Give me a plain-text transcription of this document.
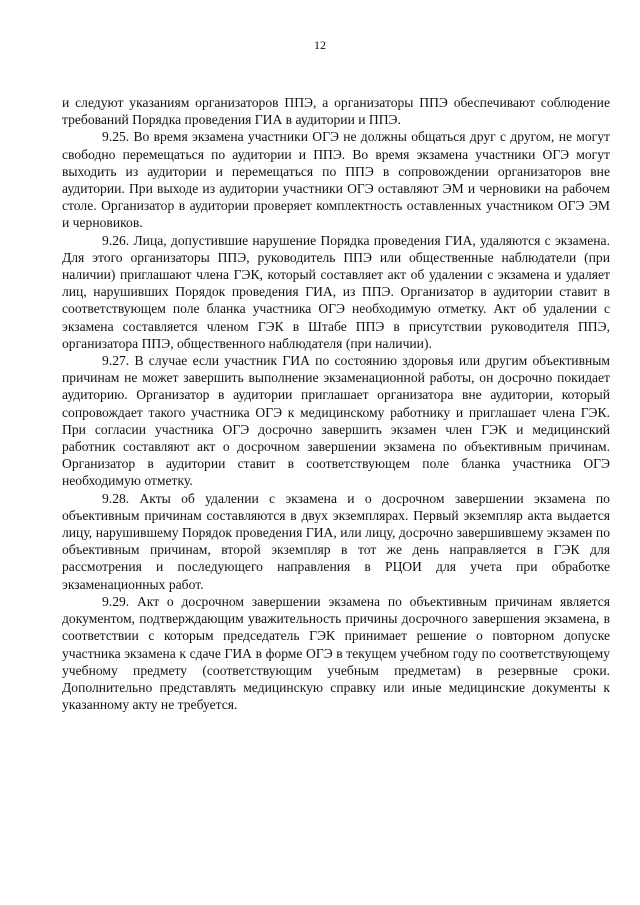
12

и следуют указаниям организаторов ППЭ, а организаторы ППЭ обеспечивают соблюдение требований Порядка проведения ГИА в аудитории и ППЭ.

9.25. Во время экзамена участники ОГЭ не должны общаться друг с другом, не могут свободно перемещаться по аудитории и ППЭ. Во время экзамена участники ОГЭ могут выходить из аудитории и перемещаться по ППЭ в сопровождении организаторов вне аудитории. При выходе из аудитории участники ОГЭ оставляют ЭМ и черновики на рабочем столе. Организатор в аудитории проверяет комплектность оставленных участником ОГЭ ЭМ и черновиков.

9.26. Лица, допустившие нарушение Порядка проведения ГИА, удаляются с экзамена. Для этого организаторы ППЭ, руководитель ППЭ или общественные наблюдатели (при наличии) приглашают члена ГЭК, который составляет акт об удалении с экзамена и удаляет лиц, нарушивших Порядок проведения ГИА, из ППЭ. Организатор в аудитории ставит в соответствующем поле бланка участника ОГЭ необходимую отметку. Акт об удалении с экзамена составляется членом ГЭК в Штабе ППЭ в присутствии руководителя ППЭ, организатора ППЭ, общественного наблюдателя (при наличии).

9.27. В случае если участник ГИА по состоянию здоровья или другим объективным причинам не может завершить выполнение экзаменационной работы, он досрочно покидает аудиторию. Организатор в аудитории приглашает организатора вне аудитории, который сопровождает такого участника ОГЭ к медицинскому работнику и приглашает члена ГЭК. При согласии участника ОГЭ досрочно завершить экзамен член ГЭК и медицинский работник составляют акт о досрочном завершении экзамена по объективным причинам. Организатор в аудитории ставит в соответствующем поле бланка участника ОГЭ необходимую отметку.

9.28. Акты об удалении с экзамена и о досрочном завершении экзамена по объективным причинам составляются в двух экземплярах. Первый экземпляр акта выдается лицу, нарушившему Порядок проведения ГИА, или лицу, досрочно завершившему экзамен по объективным причинам, второй экземпляр в тот же день направляется в ГЭК для рассмотрения и последующего направления в РЦОИ для учета при обработке экзаменационных работ.

9.29. Акт о досрочном завершении экзамена по объективным причинам является документом, подтверждающим уважительность причины досрочного завершения экзамена, в соответствии с которым председатель ГЭК принимает решение о повторном допуске участника экзамена к сдаче ГИА в форме ОГЭ в текущем учебном году по соответствующему учебному предмету (соответствующим учебным предметам) в резервные сроки. Дополнительно представлять медицинскую справку или иные медицинские документы к указанному акту не требуется.
